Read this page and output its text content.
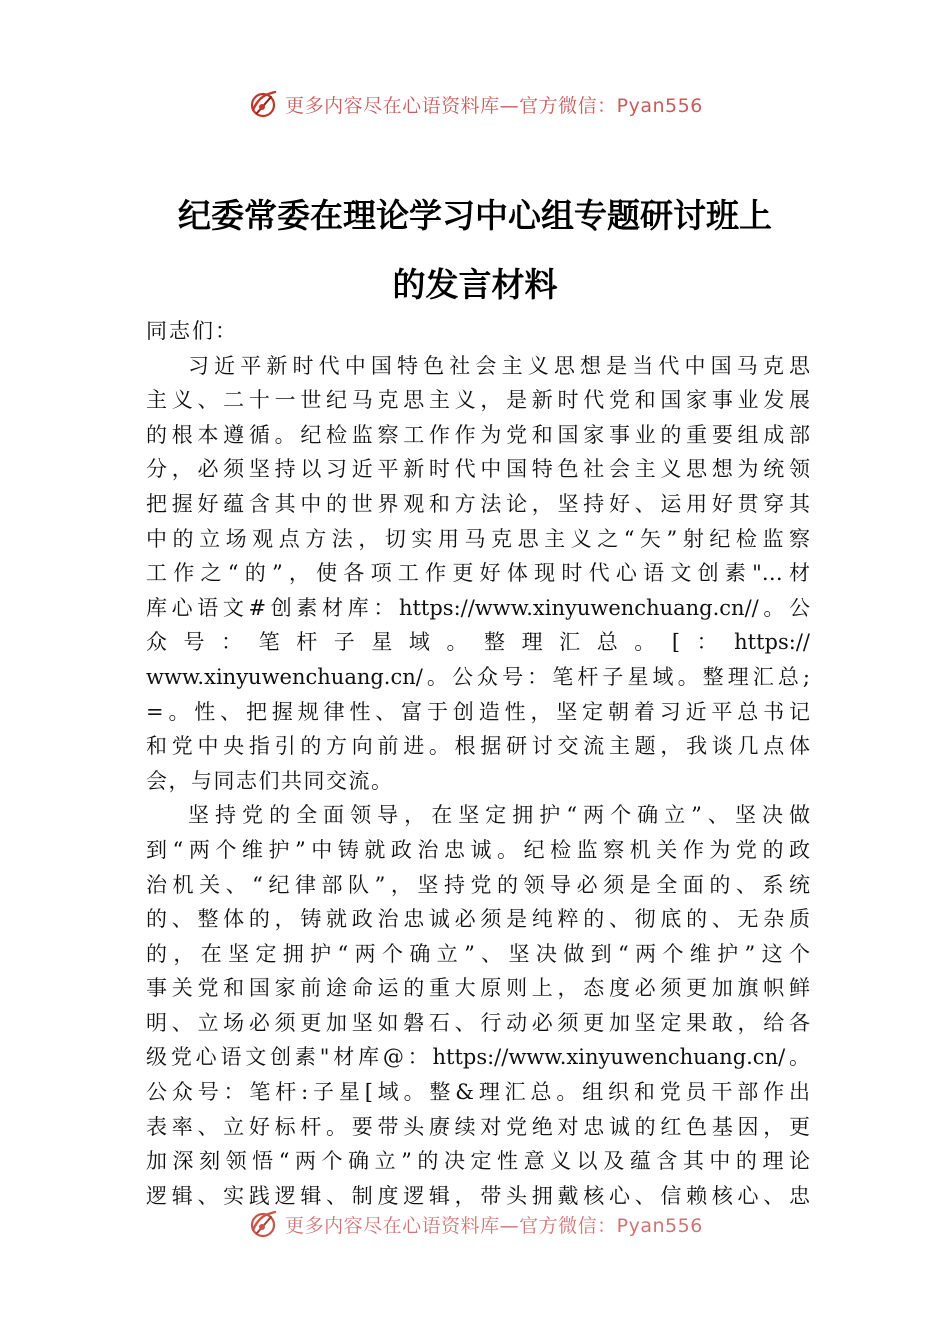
更多内容尽在心语资料库—官方微信：Pyan556
纪委常委在理论学习中心组专题研讨班上
的发言材料

同志们：

习近平新时代中国特色社会主义思想是当代中国马克思
主义、二十一世纪马克思主义，是新时代党和国家事业发展
的根本遵循。纪检监察工作作为党和国家事业的重要组成部
分，必须坚持以习近平新时代中国特色社会主义思想为统领
把握好蕴含其中的世界观和方法论，坚持好、运用好贯穿其
中的立场观点方法，切实用马克思主义之“矢”射纪检监察
工作之“的”，使各项工作更好体现时代心语文创素"…材
库心语文#创素材库：https://www.xinyuwenchuang.cn//。公
众号：笔杆子星域。整理汇总。[：https://
www.xinyuwenchuang.cn/。公众号：笔杆子星域。整理汇总;
=。性、把握规律性、富于创造性，坚定朝着习近平总书记
和党中央指引的方向前进。根据研讨交流主题，我谈几点体
会，与同志们共同交流。
坚持党的全面领导，在坚定拥护“两个确立”、坚决做
到“两个维护”中铸就政治忠诚。纪检监察机关作为党的政
治机关、“纪律部队”，坚持党的领导必须是全面的、系统
的、整体的，铸就政治忠诚必须是纯粹的、彻底的、无杂质
的，在坚定拥护“两个确立”、坚决做到“两个维护”这个
事关党和国家前途命运的重大原则上，态度必须更加旗帜鲜
明、立场必须更加坚如磐石、行动必须更加坚定果敢，给各
级党心语文创素"材库@：https://www.xinyuwenchuang.cn/。
公众号：笔杆:子星[域。整&理汇总。组织和党员干部作出
表率、立好标杆。要带头赓续对党绝对忠诚的红色基因，更
加深刻领悟“两个确立”的决定性意义以及蕴含其中的理论
逻辑、实践逻辑、制度逻辑，带头拥戴核心、信赖核心、忠
更多内容尽在心语资料库—官方微信：Pyan556
